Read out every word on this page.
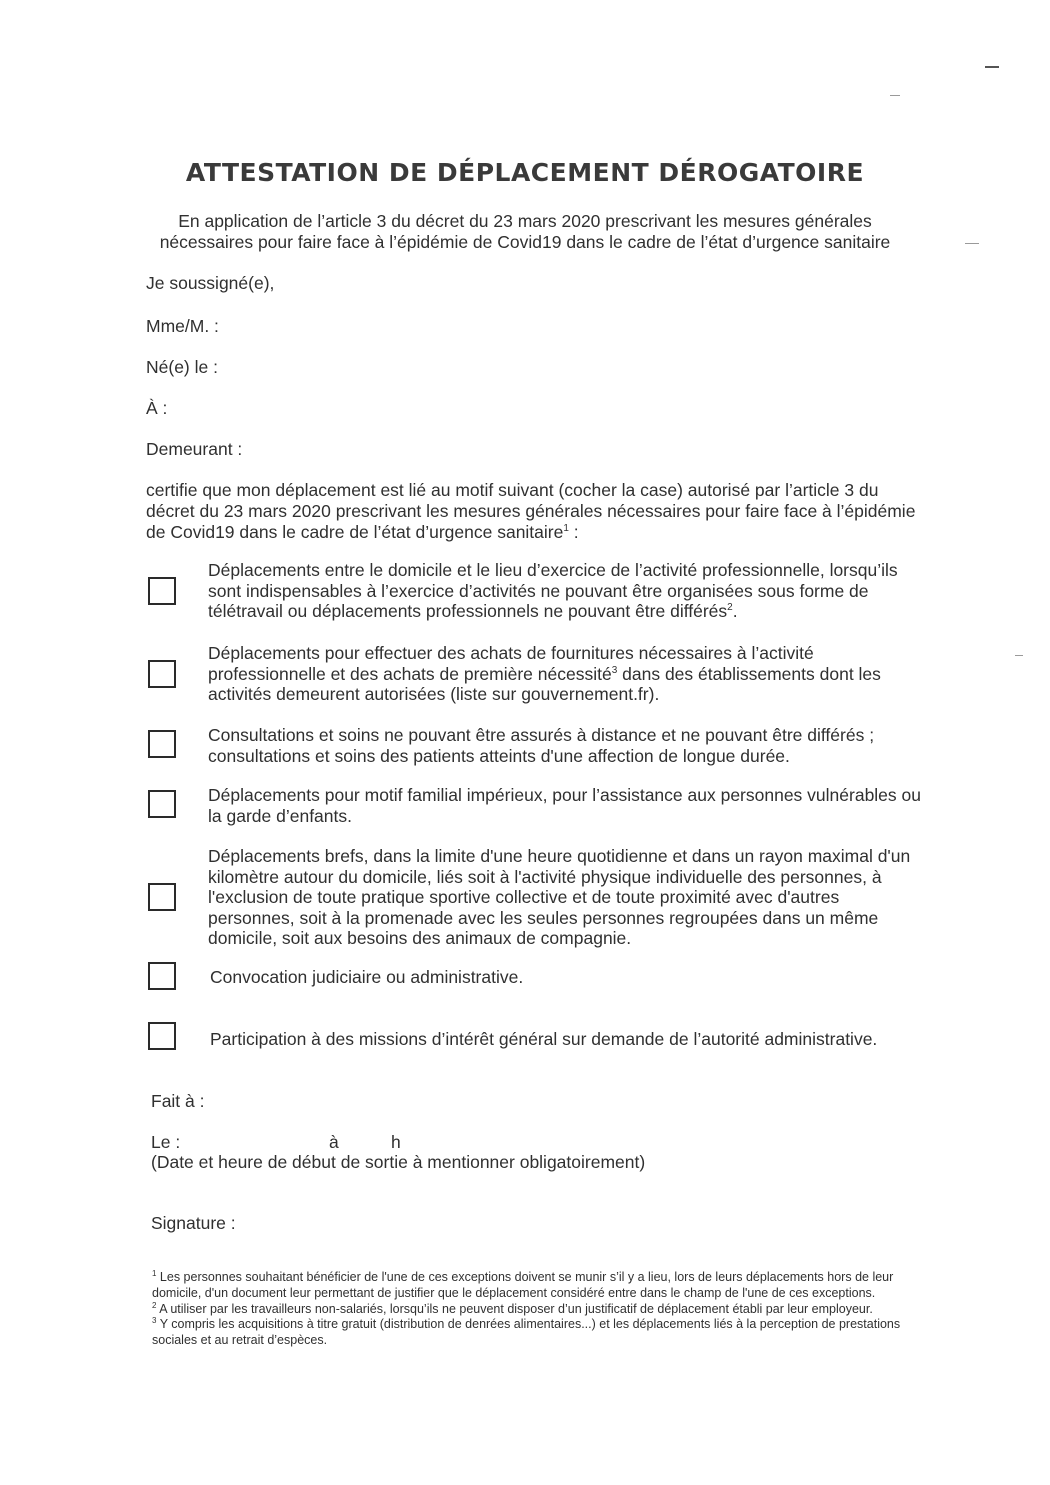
ATTESTATION DE DÉPLACEMENT DÉROGATOIRE
En application de l’article 3 du décret du 23 mars 2020 prescrivant les mesures générales
nécessaires pour faire face à l’épidémie de Covid19 dans le cadre de l’état d’urgence sanitaire
Je soussigné(e),
Mme/M. :
Né(e) le :
À :
Demeurant :
certifie que mon déplacement est lié au motif suivant (cocher la case) autorisé par l’article 3 du décret du 23 mars 2020 prescrivant les mesures générales nécessaires pour faire face à l’épidémie de Covid19 dans le cadre de l’état d’urgence sanitaire$^1$ :
Déplacements entre le domicile et le lieu d’exercice de l’activité professionnelle, lorsqu’ils sont indispensables à l’exercice d’activités ne pouvant être organisées sous forme de télétravail ou déplacements professionnels ne pouvant être différés$^2$.
Déplacements pour effectuer des achats de fournitures nécessaires à l’activité professionnelle et des achats de première nécessité$^3$ dans des établissements dont les activités demeurent autorisées (liste sur gouvernement.fr).
Consultations et soins ne pouvant être assurés à distance et ne pouvant être différés ; consultations et soins des patients atteints d'une affection de longue durée.
Déplacements pour motif familial impérieux, pour l’assistance aux personnes vulnérables ou la garde d’enfants.
Déplacements brefs, dans la limite d'une heure quotidienne et dans un rayon maximal d'un kilomètre autour du domicile, liés soit à l'activité physique individuelle des personnes, à l'exclusion de toute pratique sportive collective et de toute proximité avec d'autres personnes, soit à la promenade avec les seules personnes regroupées dans un même domicile, soit aux besoins des animaux de compagnie.
Convocation judiciaire ou administrative.
Participation à des missions d’intérêt général sur demande de l’autorité administrative.
Fait à :
Le :	à	h
(Date et heure de début de sortie à mentionner obligatoirement)
Signature :
$^1$ Les personnes souhaitant bénéficier de l'une de ces exceptions doivent se munir s’il y a lieu, lors de leurs déplacements hors de leur domicile, d'un document leur permettant de justifier que le déplacement considéré entre dans le champ de l'une de ces exceptions.
$^2$ A utiliser par les travailleurs non-salariés, lorsqu’ils ne peuvent disposer d’un justificatif de déplacement établi par leur employeur.
$^3$ Y compris les acquisitions à titre gratuit (distribution de denrées alimentaires...) et les déplacements liés à la perception de prestations sociales et au retrait d’espèces.
